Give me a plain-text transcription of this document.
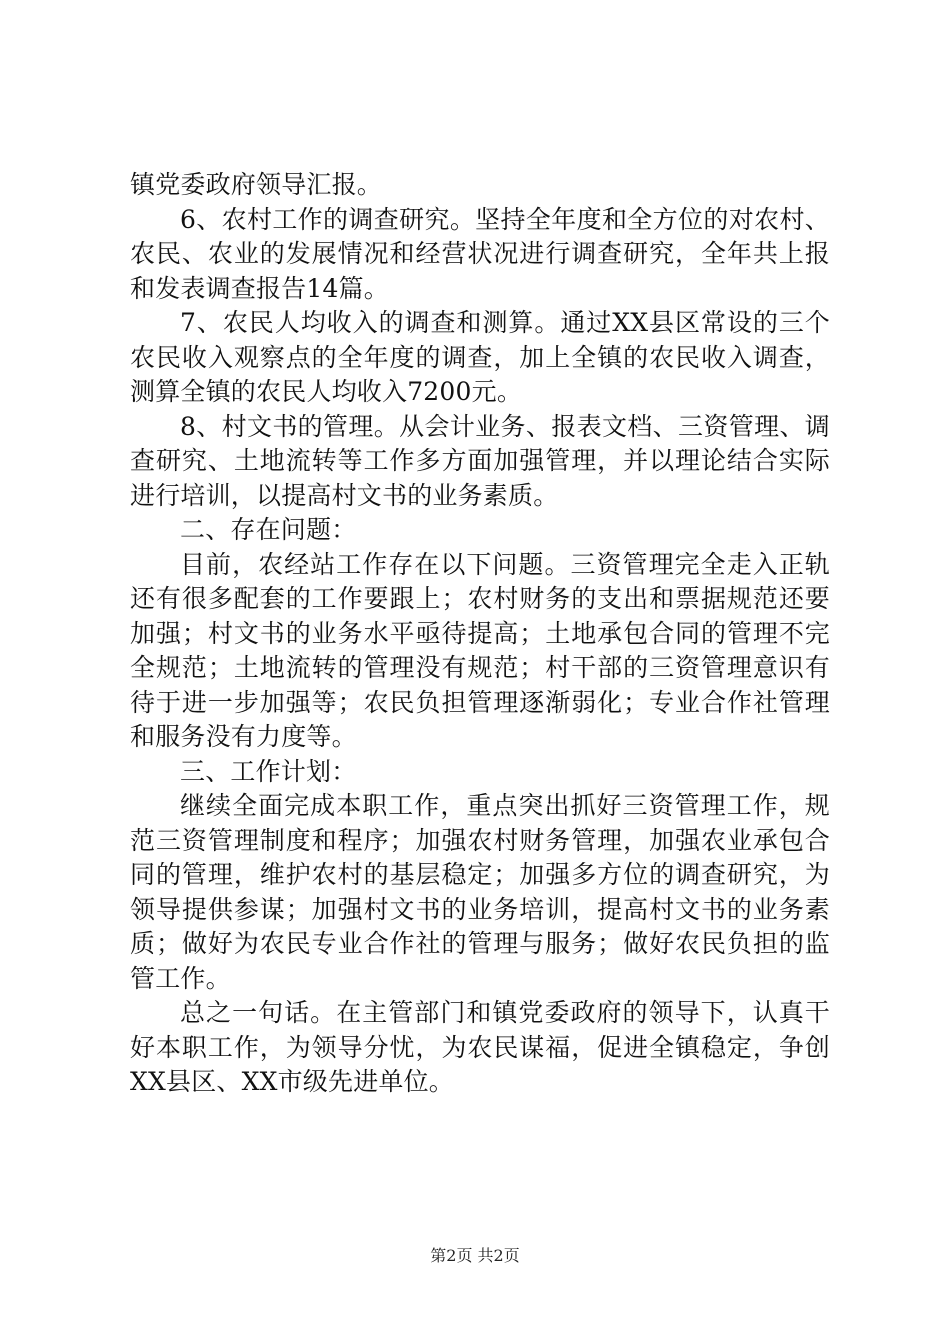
镇党委政府领导汇报。

6、农村工作的调查研究。坚持全年度和全方位的对农村、农民、农业的发展情况和经营状况进行调查研究，全年共上报和发表调查报告14篇。

7、农民人均收入的调查和测算。通过XX县区常设的三个农民收入观察点的全年度的调查，加上全镇的农民收入调查，测算全镇的农民人均收入7200元。

8、村文书的管理。从会计业务、报表文档、三资管理、调查研究、土地流转等工作多方面加强管理，并以理论结合实际进行培训，以提高村文书的业务素质。

二、存在问题：

目前，农经站工作存在以下问题。三资管理完全走入正轨还有很多配套的工作要跟上；农村财务的支出和票据规范还要加强；村文书的业务水平亟待提高；土地承包合同的管理不完全规范；土地流转的管理没有规范；村干部的三资管理意识有待于进一步加强等；农民负担管理逐渐弱化；专业合作社管理和服务没有力度等。

三、工作计划：

继续全面完成本职工作，重点突出抓好三资管理工作，规范三资管理制度和程序；加强农村财务管理，加强农业承包合同的管理，维护农村的基层稳定；加强多方位的调查研究，为领导提供参谋；加强村文书的业务培训，提高村文书的业务素质；做好为农民专业合作社的管理与服务；做好农民负担的监管工作。

总之一句话。在主管部门和镇党委政府的领导下，认真干好本职工作，为领导分忧，为农民谋福，促进全镇稳定，争创XX县区、XX市级先进单位。

第2页 共2页
